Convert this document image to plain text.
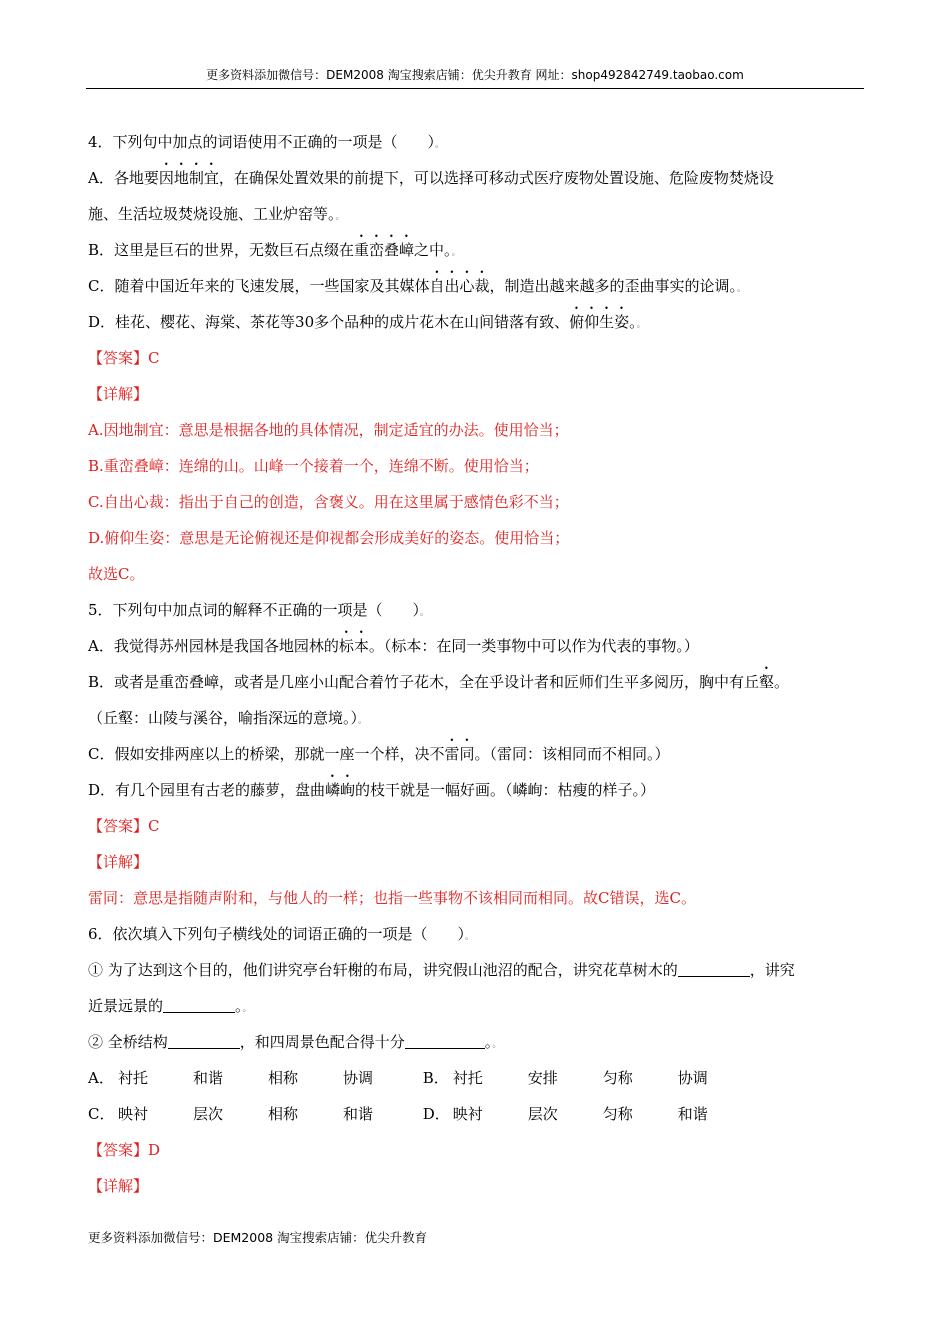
更多资料添加微信号：DEM2008 淘宝搜索店铺：优尖升教育 网址：shop492842749.taobao.com
4．下列句中加点的词语使用不正确的一项是（　　）。
A．各地要因地制宜，在确保处置效果的前提下，可以选择可移动式医疗废物处置设施、危险废物焚烧设
施、生活垃圾焚烧设施、工业炉窑等。。
B．这里是巨石的世界，无数巨石点缀在重峦叠嶂之中。。
C．随着中国近年来的飞速发展，一些国家及其媒体自出心裁，制造出越来越多的歪曲事实的论调。。
D．桂花、樱花、海棠、茶花等30多个品种的成片花木在山间错落有致、俯仰生姿。。
【答案】C
【详解】
A.因地制宜：意思是根据各地的具体情况，制定适宜的办法。使用恰当；
B.重峦叠嶂：连绵的山。山峰一个接着一个，连绵不断。使用恰当；
C.自出心裁：指出于自己的创造，含褒义。用在这里属于感情色彩不当；
D.俯仰生姿：意思是无论俯视还是仰视都会形成美好的姿态。使用恰当；
故选C。
5．下列句中加点词的解释不正确的一项是（　　）。
A．我觉得苏州园林是我国各地园林的标本。（标本：在同一类事物中可以作为代表的事物。）
B．或者是重峦叠嶂，或者是几座小山配合着竹子花木，全在乎设计者和匠师们生平多阅历，胸中有丘壑。
（丘壑：山陵与溪谷，喻指深远的意境。）。
C．假如安排两座以上的桥梁，那就一座一个样，决不雷同。（雷同：该相同而不相同。）
D．有几个园里有古老的藤萝，盘曲嶙峋的枝干就是一幅好画。（嶙峋：枯瘦的样子。）
【答案】C
【详解】
雷同：意思是指随声附和，与他人的一样；也指一些事物不该相同而相同。故C错误，选C。
6．依次填入下列句子横线处的词语正确的一项是（　　）。
① 为了达到这个目的，他们讲究亭台轩榭的布局，讲究假山池沼的配合，讲究花草树木的	，讲究
近景远景的	。。
② 全桥结构	，和四周景色配合得十分	。。
A． 衬托	和谐	相称	协调	B． 衬托	安排	匀称	协调
C． 映衬	层次	相称	和谐	D． 映衬	层次	匀称	和谐
【答案】D
【详解】
更多资料添加微信号：DEM2008 淘宝搜索店铺：优尖升教育
